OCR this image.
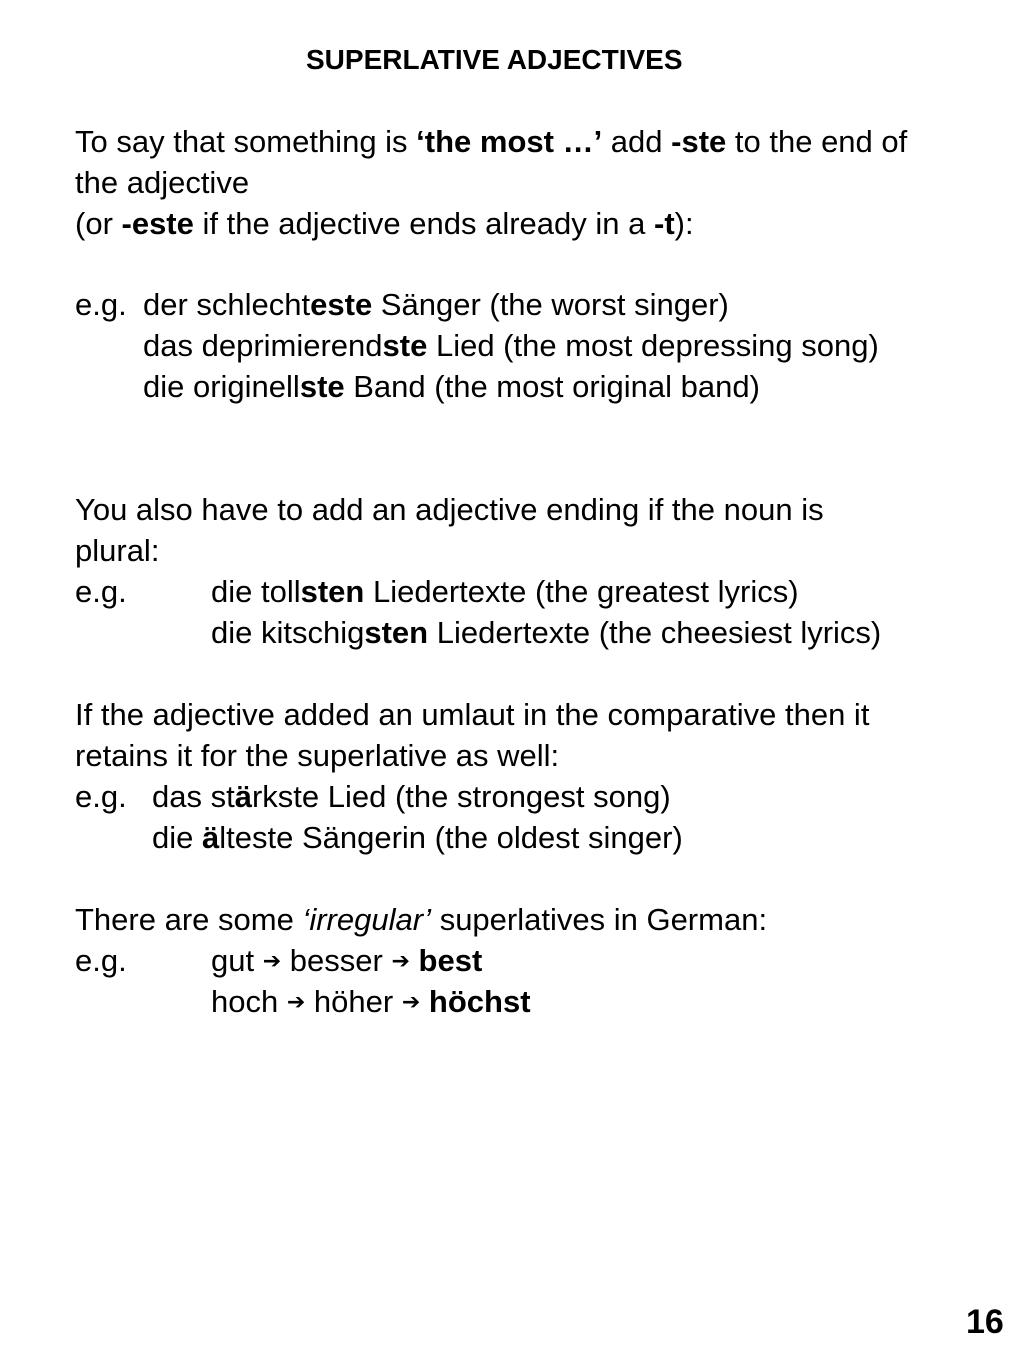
SUPERLATIVE ADJECTIVES
To say that something is ‘the most …’ add -ste to the end of
the adjective
(or -este if the adjective ends already in a -t):
e.g. der schlechteste Sänger (the worst singer)
das deprimierendste Lied (the most depressing song)
die originellste Band (the most original band)
You also have to add an adjective ending if the noun is
plural:
e.g.	die tollsten Liedertexte (the greatest lyrics)
die kitschigsten Liedertexte (the cheesiest lyrics)
If the adjective added an umlaut in the comparative then it
retains it for the superlative as well:
e.g. das stärkste Lied (the strongest song)
die älteste Sängerin (the oldest singer)
There are some ‘irregular’ superlatives in German:
e.g.	gut ➔ besser ➔ best
hoch ➔ höher ➔ höchst
16
